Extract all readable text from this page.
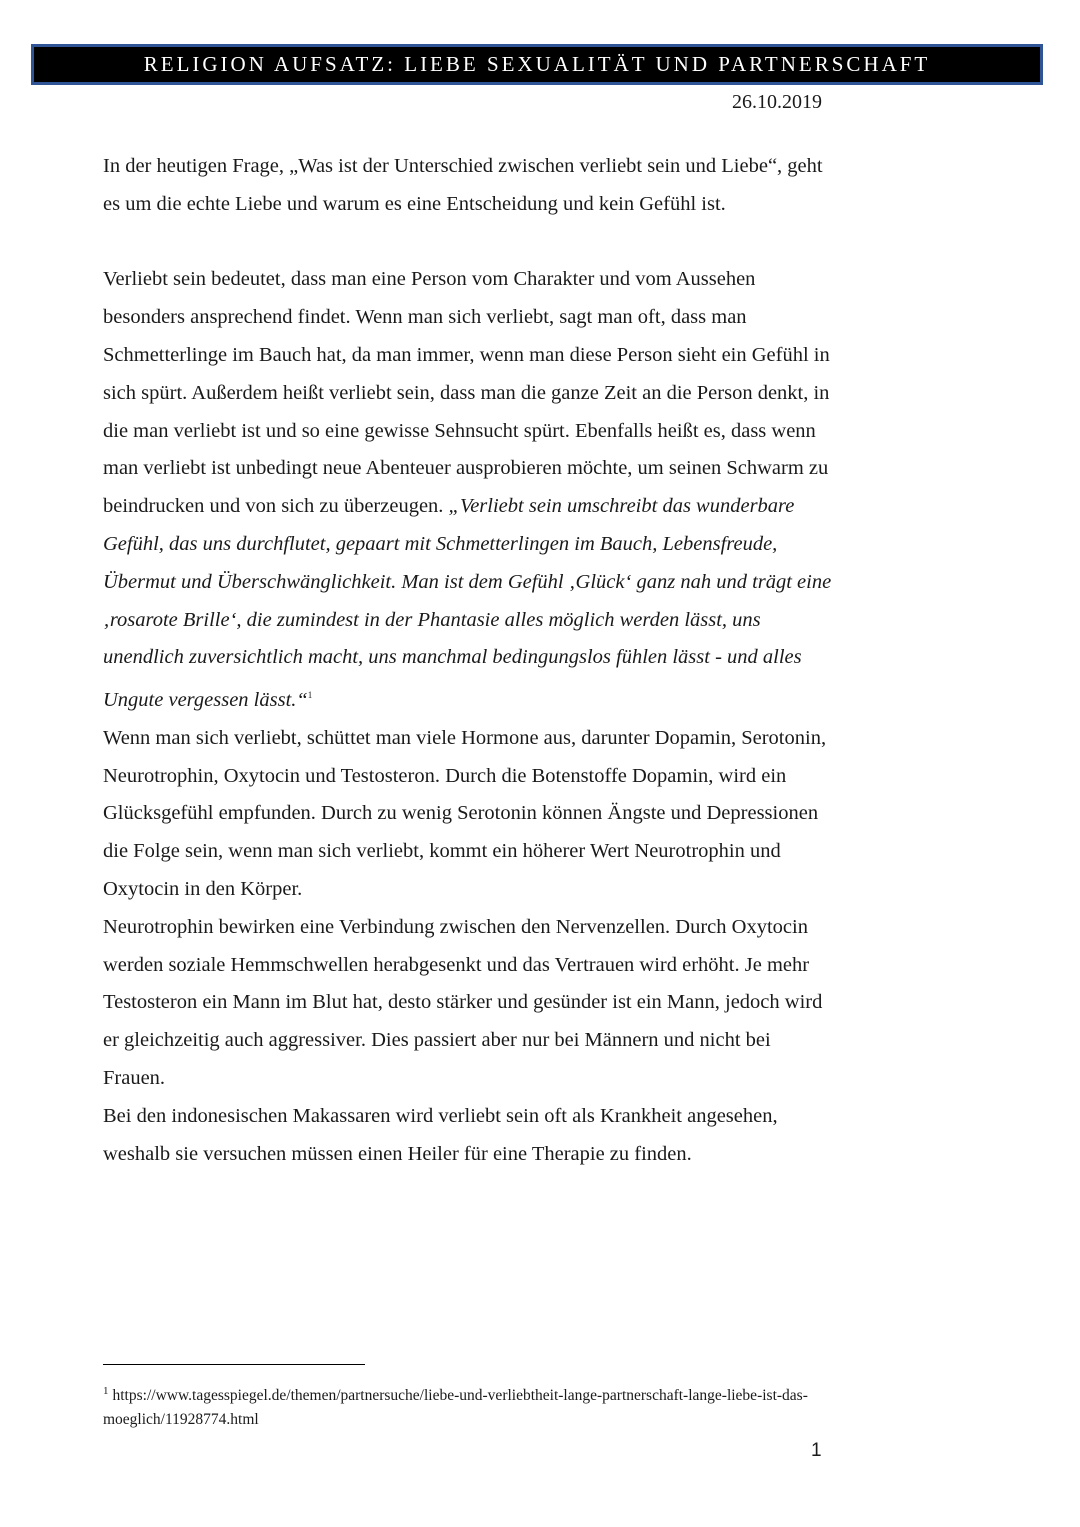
RELIGION AUFSATZ: LIEBE SEXUALITÄT UND PARTNERSCHAFT
26.10.2019

In der heutigen Frage, „Was ist der Unterschied zwischen verliebt sein und Liebe“, geht es um die echte Liebe und warum es eine Entscheidung und kein Gefühl ist.

Verliebt sein bedeutet, dass man eine Person vom Charakter und vom Aussehen besonders ansprechend findet. Wenn man sich verliebt, sagt man oft, dass man Schmetterlinge im Bauch hat, da man immer, wenn man diese Person sieht ein Gefühl in sich spürt. Außerdem heißt verliebt sein, dass man die ganze Zeit an die Person denkt, in die man verliebt ist und so eine gewisse Sehnsucht spürt. Ebenfalls heißt es, dass wenn man verliebt ist unbedingt neue Abenteuer ausprobieren möchte, um seinen Schwarm zu beindrucken und von sich zu überzeugen. „Verliebt sein umschreibt das wunderbare Gefühl, das uns durchflutet, gepaart mit Schmetterlingen im Bauch, Lebensfreude, Übermut und Überschwänglichkeit. Man ist dem Gefühl ‚Glück‘ ganz nah und trägt eine ‚rosarote Brille‘, die zumindest in der Phantasie alles möglich werden lässt, uns unendlich zuversichtlich macht, uns manchmal bedingungslos fühlen lässt - und alles Ungute vergessen lässt.“$^1$

Wenn man sich verliebt, schüttet man viele Hormone aus, darunter Dopamin, Serotonin, Neurotrophin, Oxytocin und Testosteron. Durch die Botenstoffe Dopamin, wird ein Glücksgefühl empfunden. Durch zu wenig Serotonin können Ängste und Depressionen die Folge sein, wenn man sich verliebt, kommt ein höherer Wert Neurotrophin und Oxytocin in den Körper.

Neurotrophin bewirken eine Verbindung zwischen den Nervenzellen. Durch Oxytocin werden soziale Hemmschwellen herabgesenkt und das Vertrauen wird erhöht. Je mehr Testosteron ein Mann im Blut hat, desto stärker und gesünder ist ein Mann, jedoch wird er gleichzeitig auch aggressiver. Dies passiert aber nur bei Männern und nicht bei Frauen.

Bei den indonesischen Makassaren wird verliebt sein oft als Krankheit angesehen, weshalb sie versuchen müssen einen Heiler für eine Therapie zu finden.

$^1$ https://www.tagesspiegel.de/themen/partnersuche/liebe-und-verliebtheit-lange-partnerschaft-lange-liebe-ist-das-moeglich/11928774.html
1
